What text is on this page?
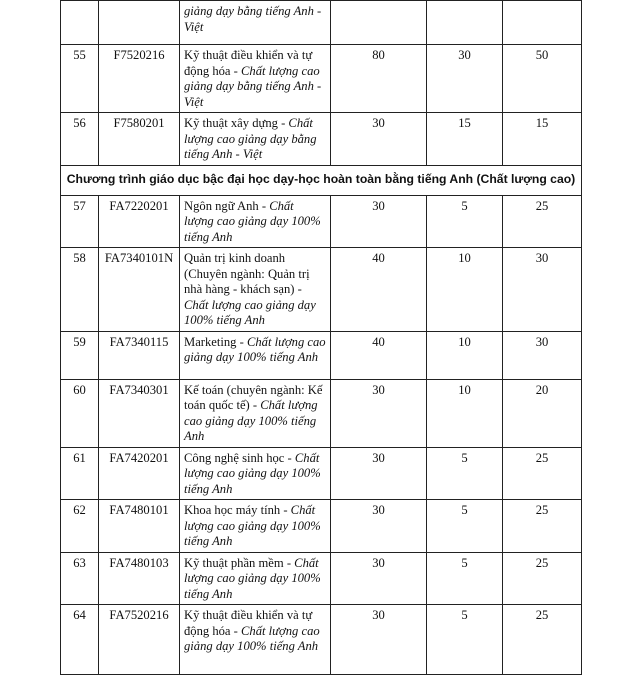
		giảng dạy bằng tiếng Anh - Việt			
55	F7520216	Kỹ thuật điều khiển và tự động hóa - Chất lượng cao giảng dạy bằng tiếng Anh - Việt	80	30	50
56	F7580201	Kỹ thuật xây dựng - Chất lượng cao giảng dạy bằng tiếng Anh - Việt	30	15	15
Chương trình giáo dục bậc đại học dạy-học hoàn toàn bằng tiếng Anh (Chất lượng cao)					
57	FA7220201	Ngôn ngữ Anh - Chất lượng cao giảng dạy 100% tiếng Anh	30	5	25
58	FA7340101N	Quản trị kinh doanh (Chuyên ngành: Quản trị nhà hàng - khách sạn) - Chất lượng cao giảng dạy 100% tiếng Anh	40	10	30
59	FA7340115	Marketing - Chất lượng cao giảng dạy 100% tiếng Anh	40	10	30
60	FA7340301	Kế toán (chuyên ngành: Kế toán quốc tế) - Chất lượng cao giảng dạy 100% tiếng Anh	30	10	20
61	FA7420201	Công nghệ sinh học - Chất lượng cao giảng dạy 100% tiếng Anh	30	5	25
62	FA7480101	Khoa học máy tính - Chất lượng cao giảng dạy 100% tiếng Anh	30	5	25
63	FA7480103	Kỹ thuật phần mềm - Chất lượng cao giảng dạy 100% tiếng Anh	30	5	25
64	FA7520216	Kỹ thuật điều khiển và tự động hóa - Chất lượng cao giảng dạy 100% tiếng Anh	30	5	25
